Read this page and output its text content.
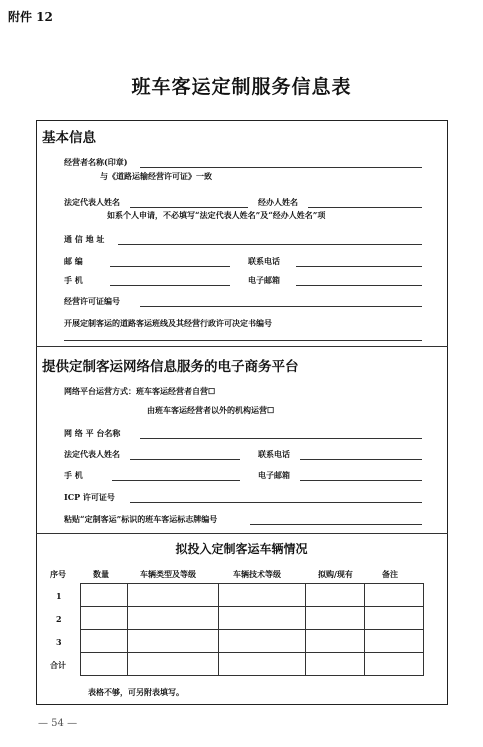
附件 12
班车客运定制服务信息表
基本信息
经营者名称(印章)
与《道路运输经营许可证》一致
法定代表人姓名	经办人姓名
如系个人申请，不必填写“法定代表人姓名”及“经办人姓名”项
通 信 地 址
邮 编	联系电话
手 机	电子邮箱
经营许可证编号
开展定制客运的道路客运班线及其经营行政许可决定书编号
提供定制客运网络信息服务的电子商务平台
网络平台运营方式：班车客运经营者自营☐
由班车客运经营者以外的机构运营☐
网 络 平 台名称
法定代表人姓名	联系电话
手 机	电子邮箱
ICP 许可证号
粘贴“定制客运”标识的班车客运标志牌编号
拟投入定制客运车辆情况
序号	数量	车辆类型及等级	车辆技术等级	拟购/现有	备注
1
2
3
合计

表格不够，可另附表填写。
— 54 —
